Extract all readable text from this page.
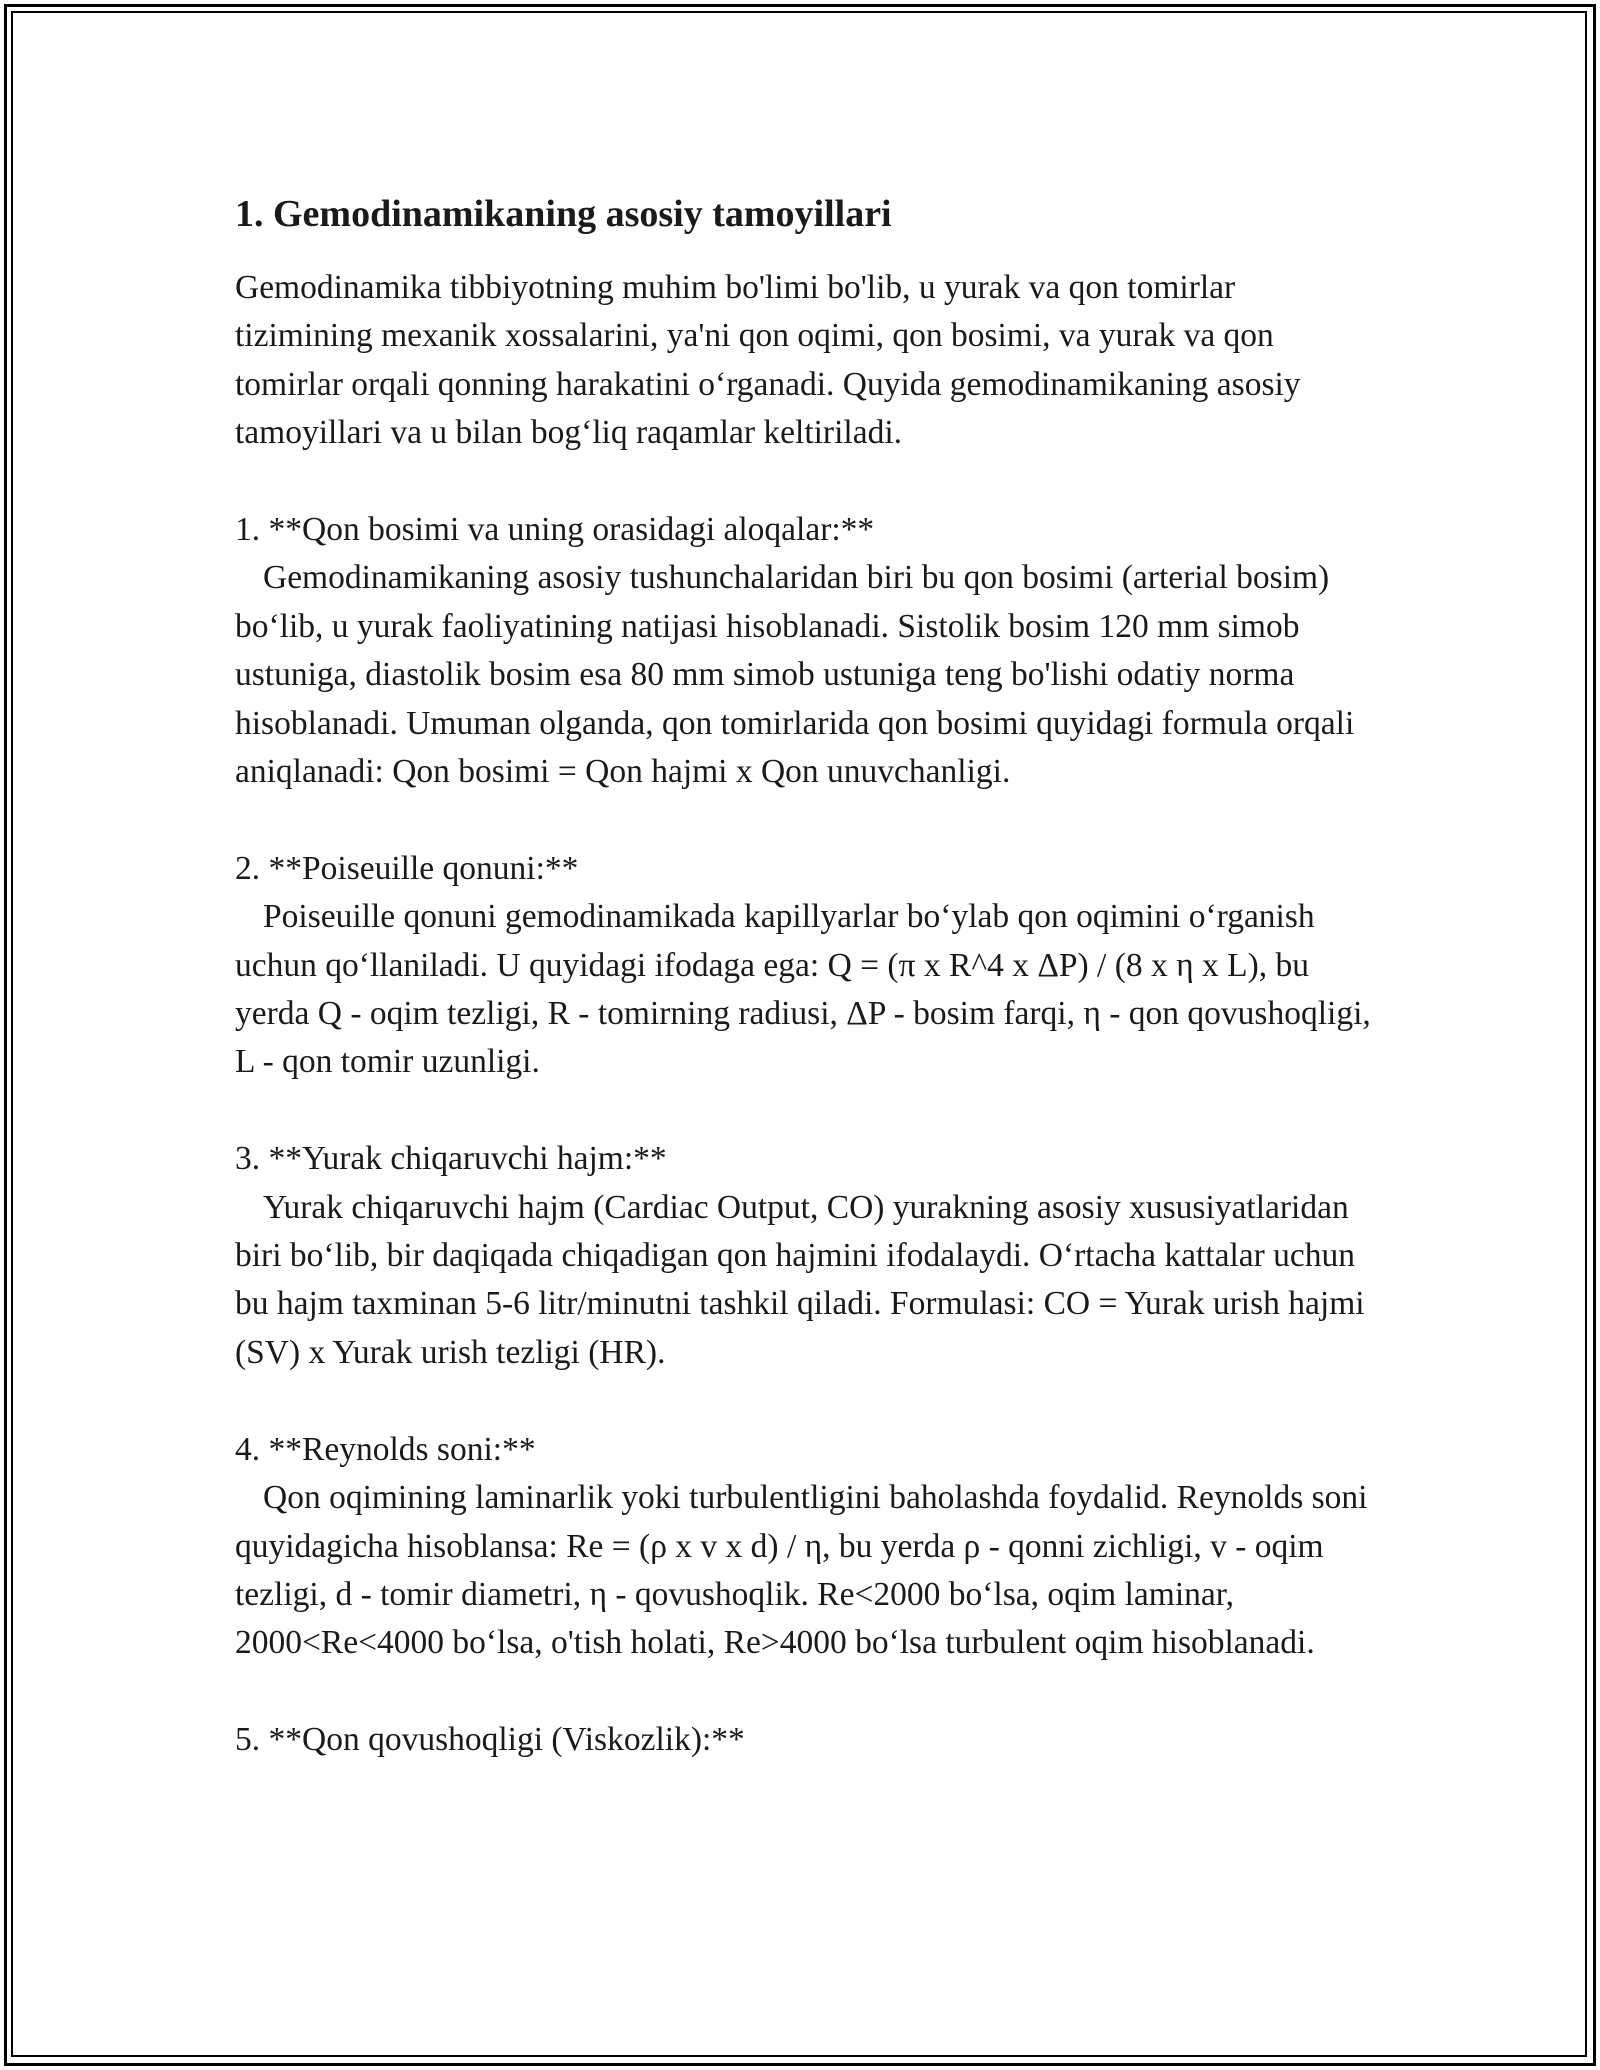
1. Gemodinamikaning asosiy tamoyillari

Gemodinamika tibbiyotning muhim bo'limi bo'lib, u yurak va qon tomirlar tizimining mexanik xossalarini, ya'ni qon oqimi, qon bosimi, va yurak va qon tomirlar orqali qonning harakatini o‘rganadi. Quyida gemodinamikaning asosiy tamoyillari va u bilan bog‘liq raqamlar keltiriladi.

1. **Qon bosimi va uning orasidagi aloqalar:**

Gemodinamikaning asosiy tushunchalaridan biri bu qon bosimi (arterial bosim) bo‘lib, u yurak faoliyatining natijasi hisoblanadi. Sistolik bosim 120 mm simob ustuniga, diastolik bosim esa 80 mm simob ustuniga teng bo'lishi odatiy norma hisoblanadi. Umuman olganda, qon tomirlarida qon bosimi quyidagi formula orqali aniqlanadi: Qon bosimi = Qon hajmi x Qon unuvchanligi.

2. **Poiseuille qonuni:**

Poiseuille qonuni gemodinamikada kapillyarlar bo‘ylab qon oqimini o‘rganish uchun qo‘llaniladi. U quyidagi ifodaga ega: Q = (π x R^4 x ΔP) / (8 x η x L), bu yerda Q - oqim tezligi, R - tomirning radiusi, ΔP - bosim farqi, η - qon qovushoqligi, L - qon tomir uzunligi.

3. **Yurak chiqaruvchi hajm:**

Yurak chiqaruvchi hajm (Cardiac Output, CO) yurakning asosiy xususiyatlaridan biri bo‘lib, bir daqiqada chiqadigan qon hajmini ifodalaydi. O‘rtacha kattalar uchun bu hajm taxminan 5-6 litr/minutni tashkil qiladi. Formulasi: CO = Yurak urish hajmi (SV) x Yurak urish tezligi (HR).

4. **Reynolds soni:**

Qon oqimining laminarlik yoki turbulentligini baholashda foydalid. Reynolds soni quyidagicha hisoblansa: Re = (ρ x v x d) / η, bu yerda ρ - qonni zichligi, v - oqim tezligi, d - tomir diametri, η - qovushoqlik. Re<2000 bo‘lsa, oqim laminar, 2000<Re<4000 bo‘lsa, o'tish holati, Re>4000 bo‘lsa turbulent oqim hisoblanadi.

5. **Qon qovushoqligi (Viskozlik):**
